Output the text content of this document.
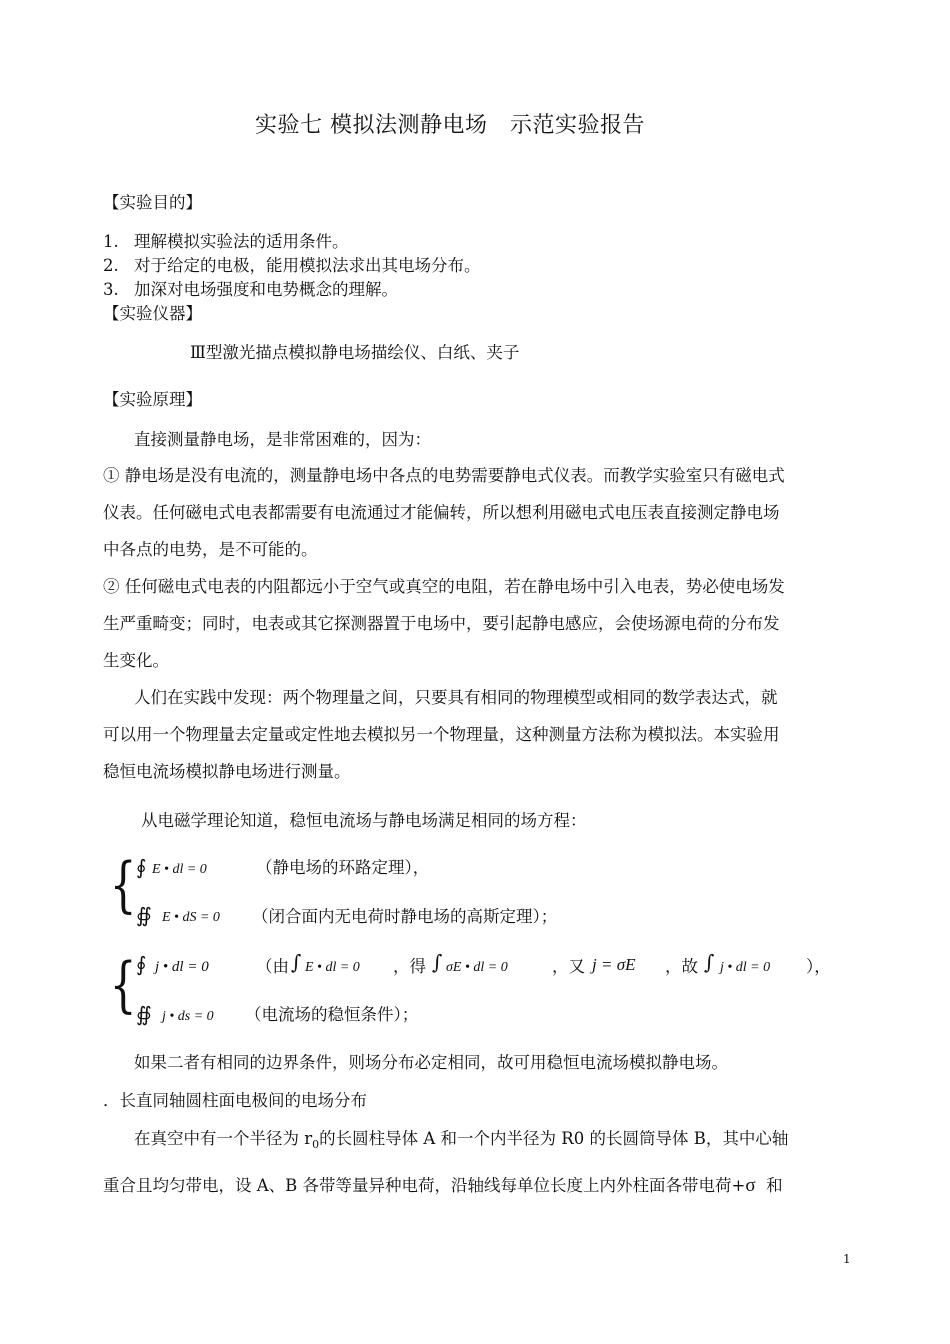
实验七 模拟法测静电场　示范实验报告
【实验目的】
1. 理解模拟实验法的适用条件。
2. 对于给定的电极，能用模拟法求出其电场分布。
3. 加深对电场强度和电势概念的理解。
【实验仪器】
Ⅲ型激光描点模拟静电场描绘仪、白纸、夹子
【实验原理】
直接测量静电场，是非常困难的，因为：
① 静电场是没有电流的，测量静电场中各点的电势需要静电式仪表。而教学实验室只有磁电式
仪表。任何磁电式电表都需要有电流通过才能偏转，所以想利用磁电式电压表直接测定静电场
中各点的电势，是不可能的。
② 任何磁电式电表的内阻都远小于空气或真空的电阻，若在静电场中引入电表，势必使电场发
生严重畸变；同时，电表或其它探测器置于电场中，要引起静电感应，会使场源电荷的分布发
生变化。
人们在实践中发现：两个物理量之间，只要具有相同的物理模型或相同的数学表达式，就
可以用一个物理量去定量或定性地去模拟另一个物理量，这种测量方法称为模拟法。本实验用
稳恒电流场模拟静电场进行测量。
从电磁学理论知道，稳恒电流场与静电场满足相同的场方程：
{ ∮ E • dl = 0	（静电场的环路定理），
∯ E • dS = 0 （闭合面内无电荷时静电场的高斯定理）；
{ ∮ j • dl = 0	（由 ∫ E • dl = 0 ，得 ∫ σE • dl = 0	，又 j = σE ，故 ∫ j • dl = 0 ），
∯ j • ds = 0 （电流场的稳恒条件）；
如果二者有相同的边界条件，则场分布必定相同，故可用稳恒电流场模拟静电场。
．长直同轴圆柱面电极间的电场分布
在真空中有一个半径为 $r_0$的长圆柱导体 A 和一个内半径为 R0 的长圆筒导体 B，其中心轴
重合且均匀带电，设 A、B 各带等量异种电荷，沿轴线每单位长度上内外柱面各带电荷+σ 和
1
